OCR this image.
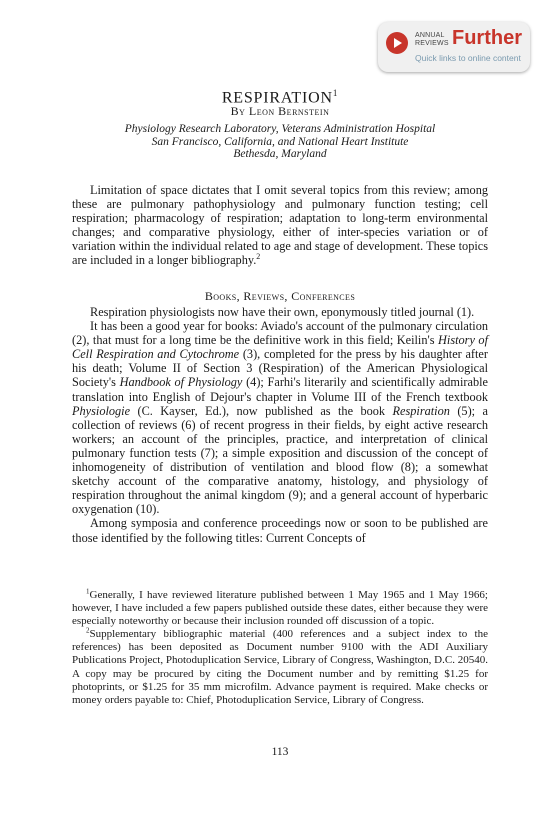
ANNUAL
REVIEWS Further
Quick links to online content
RESPIRATION$^1$
By Leon Bernstein
Physiology Research Laboratory, Veterans Administration Hospital
San Francisco, California, and National Heart Institute
Bethesda, Maryland

Limitation of space dictates that I omit several topics from this review; among these are pulmonary pathophysiology and pulmonary function testing; cell respiration; pharmacology of respiration; adaptation to long-term environmental changes; and comparative physiology, either of inter-species variation or of variation within the individual related to age and stage of development. These topics are included in a longer bibliography.$^2$

Books, Reviews, Conferences

Respiration physiologists now have their own, eponymously titled journal (1).

It has been a good year for books: Aviado's account of the pulmonary circulation (2), that must for a long time be the definitive work in this field; Keilin's History of Cell Respiration and Cytochrome (3), completed for the press by his daughter after his death; Volume II of Section 3 (Respiration) of the American Physiological Society's Handbook of Physiology (4); Farhi's literarily and scientifically admirable translation into English of Dejour's chapter in Volume III of the French textbook Physiologie (C. Kayser, Ed.), now published as the book Respiration (5); a collection of reviews (6) of recent progress in their fields, by eight active research workers; an account of the principles, practice, and interpretation of clinical pulmonary function tests (7); a simple exposition and discussion of the concept of inhomogeneity of distribution of ventilation and blood flow (8); a somewhat sketchy account of the comparative anatomy, histology, and physiology of respiration throughout the animal kingdom (9); and a general account of hyperbaric oxygenation (10).

Among symposia and conference proceedings now or soon to be published are those identified by the following titles: Current Concepts of

$^1$Generally, I have reviewed literature published between 1 May 1965 and 1 May 1966; however, I have included a few papers published outside these dates, either because they were especially noteworthy or because their inclusion rounded off discussion of a topic.

$^2$Supplementary bibliographic material (400 references and a subject index to the references) has been deposited as Document number 9100 with the ADI Auxiliary Publications Project, Photoduplication Service, Library of Congress, Washington, D.C. 20540. A copy may be procured by citing the Document number and by remitting $1.25 for photoprints, or $1.25 for 35 mm microfilm. Advance payment is required. Make checks or money orders payable to: Chief, Photoduplication Service, Library of Congress.

113
